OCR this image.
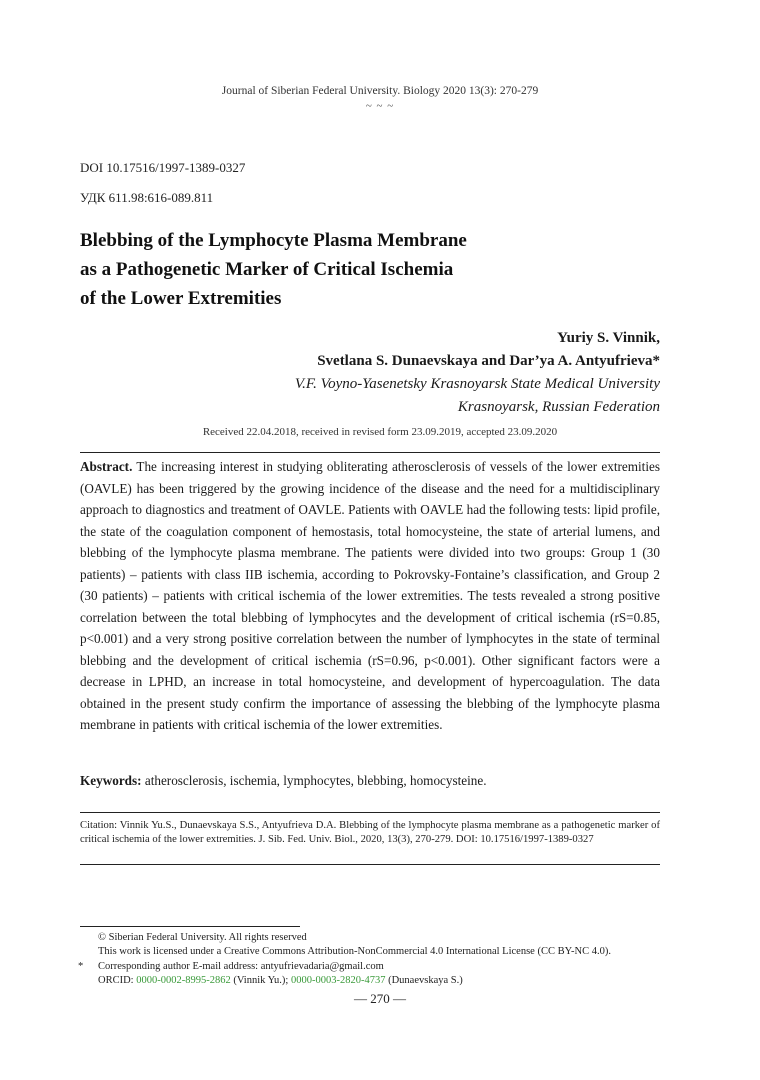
Journal of Siberian Federal University. Biology 2020 13(3): 270-279
~ ~ ~
DOI 10.17516/1997-1389-0327
УДК 611.98:616-089.811
Blebbing of the Lymphocyte Plasma Membrane
as a Pathogenetic Marker of Critical Ischemia
of the Lower Extremities
Yuriy S. Vinnik,
Svetlana S. Dunaevskaya and Dar’ya A. Antyufrieva*
V.F. Voyno-Yasenetsky Krasnoyarsk State Medical University
Krasnoyarsk, Russian Federation
Received 22.04.2018, received in revised form 23.09.2019, accepted 23.09.2020
Abstract. The increasing interest in studying obliterating atherosclerosis of vessels of the lower extremities (OAVLE) has been triggered by the growing incidence of the disease and the need for a multidisciplinary approach to diagnostics and treatment of OAVLE. Patients with OAVLE had the following tests: lipid profile, the state of the coagulation component of hemostasis, total homocysteine, the state of arterial lumens, and blebbing of the lymphocyte plasma membrane. The patients were divided into two groups: Group 1 (30 patients) – patients with class IIB ischemia, according to Pokrovsky-Fontaine’s classification, and Group 2 (30 patients) – patients with critical ischemia of the lower extremities. The tests revealed a strong positive correlation between the total blebbing of lymphocytes and the development of critical ischemia (rS=0.85, p<0.001) and a very strong positive correlation between the number of lymphocytes in the state of terminal blebbing and the development of critical ischemia (rS=0.96, p<0.001). Other significant factors were a decrease in LPHD, an increase in total homocysteine, and development of hypercoagulation. The data obtained in the present study confirm the importance of assessing the blebbing of the lymphocyte plasma membrane in patients with critical ischemia of the lower extremities.
Keywords: atherosclerosis, ischemia, lymphocytes, blebbing, homocysteine.
Citation: Vinnik Yu.S., Dunaevskaya S.S., Antyufrieva D.A. Blebbing of the lymphocyte plasma membrane as a pathogenetic marker of critical ischemia of the lower extremities. J. Sib. Fed. Univ. Biol., 2020, 13(3), 270-279. DOI: 10.17516/1997-1389-0327
© Siberian Federal University. All rights reserved
This work is licensed under a Creative Commons Attribution-NonCommercial 4.0 International License (CC BY-NC 4.0).
* Corresponding author E-mail address: antyufrievadaria@gmail.com
ORCID: 0000-0002-8995-2862 (Vinnik Yu.); 0000-0003-2820-4737 (Dunaevskaya S.)
— 270 —
